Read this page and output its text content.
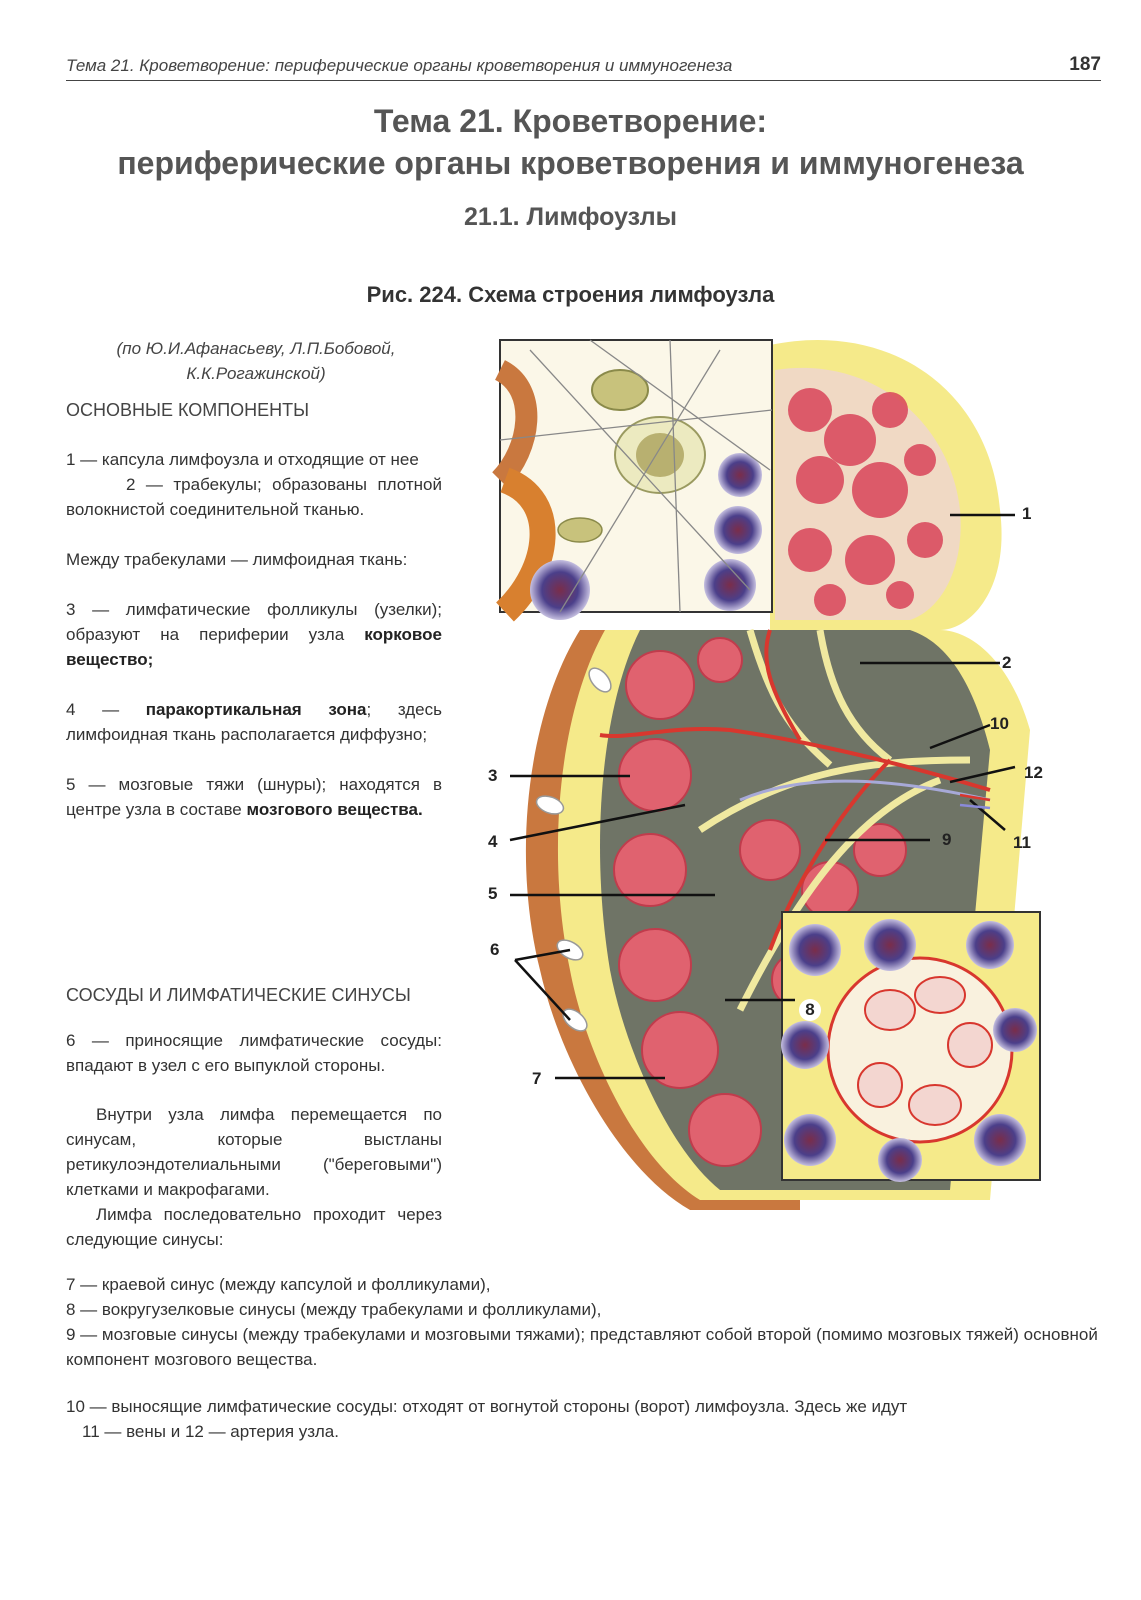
Тема 21. Кроветворение: периферические органы кроветворения и иммуногенеза	187
Тема 21. Кроветворение:
периферические органы кроветворения и иммуногенеза
21.1. Лимфоузлы
Рис. 224. Схема строения лимфоузла
(по Ю.И.Афанасьеву, Л.П.Бобовой,
К.К.Рогажинской)

ОСНОВНЫЕ КОМПОНЕНТЫ

1 — капсула лимфоузла и отходящие от нее

2 — трабекулы; образованы плотной волокнистой соединительной тканью.

Между трабекулами — лимфоидная ткань:

3 — лимфатические фолликулы (узелки); образуют на периферии узла корковое вещество;

4 — паракортикальная зона; здесь лимфоидная ткань располагается диффузно;

5 — мозговые тяжи (шнуры); находятся в центре узла в составе мозгового вещества.

СОСУДЫ И ЛИМФАТИЧЕСКИЕ СИНУСЫ

6 — приносящие лимфатические сосуды: впадают в узел с его выпуклой стороны.

Внутри узла лимфа перемещается по синусам, которые выстланы ретикулоэндотелиальными ("береговыми") клетками и макрофагами.

Лимфа последовательно проходит через следующие синусы:

7 — краевой синус (между капсулой и фолликулами),

8 — вокругузелковые синусы (между трабекулами и фолликулами),

9 — мозговые синусы (между трабекулами и мозговыми тяжами); представляют собой второй (помимо мозговых тяжей) основной компонент мозгового вещества.

10 — выносящие лимфатические сосуды: отходят от вогнутой стороны (ворот) лимфоузла. Здесь же идут

11 — вены и 12 — артерия узла.

1
2
3
4
5
6
7
8
9
10
11
12
